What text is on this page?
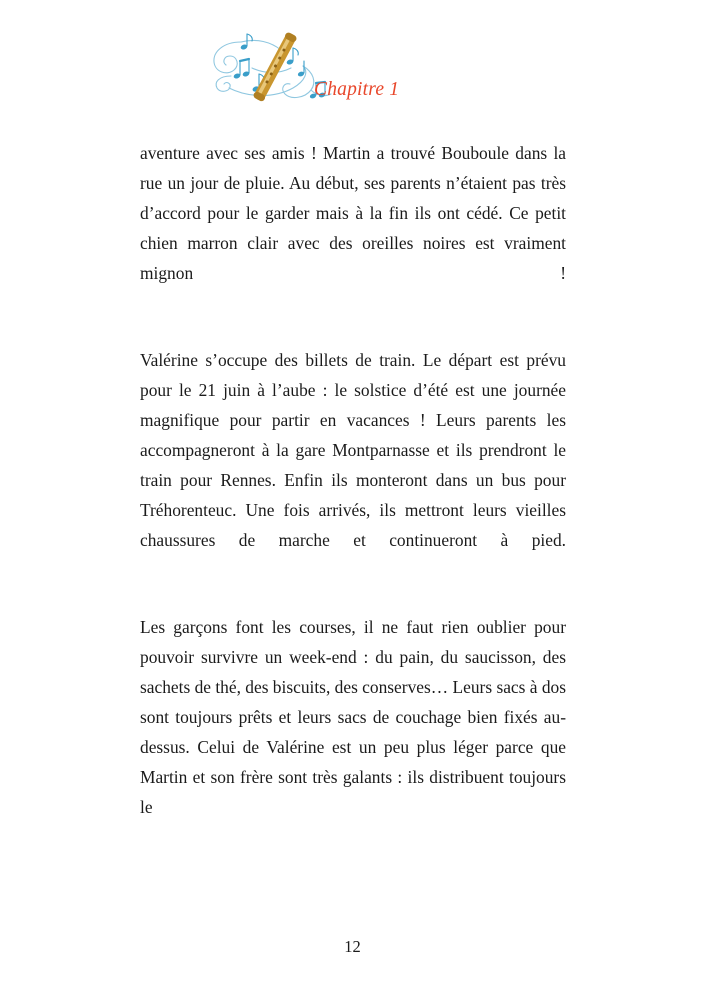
Chapitre 1

aventure avec ses amis ! Martin a trouvé Bouboule dans la rue un jour de pluie. Au début, ses parents n’étaient pas très d’accord pour le garder mais à la fin ils ont cédé. Ce petit chien marron clair avec des oreilles noires est vraiment mignon !

Valérine s’occupe des billets de train. Le départ est prévu pour le 21 juin à l’aube : le solstice d’été est une journée magnifique pour partir en vacances ! Leurs parents les accompagneront à la gare Montparnasse et ils prendront le train pour Rennes. Enfin ils monteront dans un bus pour Tréhorenteuc. Une fois arrivés, ils mettront leurs vieilles chaussures de marche et continueront à pied.

Les garçons font les courses, il ne faut rien oublier pour pouvoir survivre un week-end : du pain, du saucisson, des sachets de thé, des biscuits, des conserves… Leurs sacs à dos sont toujours prêts et leurs sacs de couchage bien fixés au-dessus. Celui de Valérine est un peu plus léger parce que Martin et son frère sont très galants : ils distribuent toujours le

12
